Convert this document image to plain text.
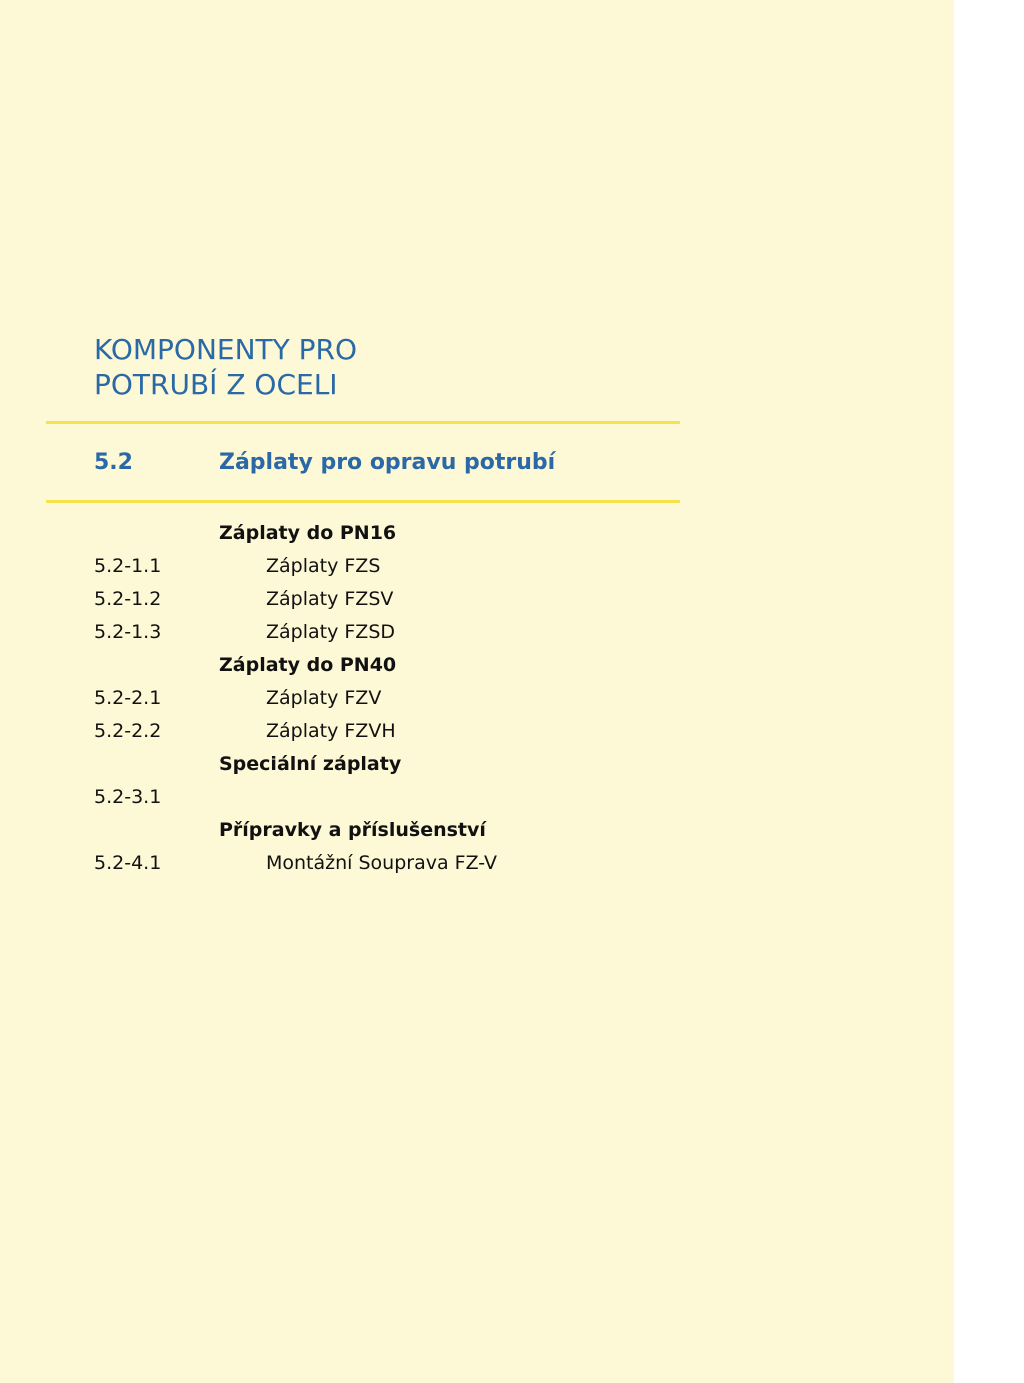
KOMPONENTY PRO
POTRUBÍ Z OCELI
5.2	Záplaty pro opravu potrubí
Záplaty do PN16
5.2-1.1	Záplaty FZS
5.2-1.2	Záplaty FZSV
5.2-1.3	Záplaty FZSD
Záplaty do PN40
5.2-2.1	Záplaty FZV
5.2-2.2	Záplaty FZVH
Speciální záplaty
5.2-3.1
Přípravky a příslušenství
5.2-4.1	Montážní Souprava FZ-V
